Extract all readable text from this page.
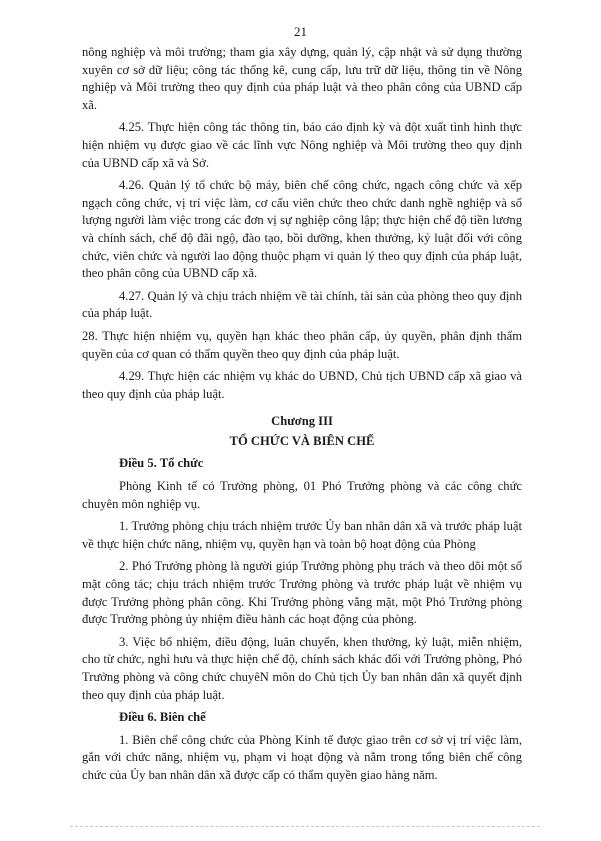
21

nông nghiệp và môi trường; tham gia xây dựng, quản lý, cập nhật và sử dụng thường xuyên cơ sở dữ liệu; công tác thống kê, cung cấp, lưu trữ dữ liệu, thông tin về Nông nghiệp và Môi trường theo quy định của pháp luật và theo phân công của UBND cấp xã.

4.25. Thực hiện công tác thông tin, báo cáo định kỳ và đột xuất tình hình thực hiện nhiệm vụ được giao về các lĩnh vực Nông nghiệp và Môi trường theo quy định của UBND cấp xã và Sở.

4.26. Quản lý tổ chức bộ máy, biên chế công chức, ngạch công chức và xếp ngạch công chức, vị trí việc làm, cơ cấu viên chức theo chức danh nghề nghiệp và số lượng người làm việc trong các đơn vị sự nghiệp công lập; thực hiện chế độ tiền lương và chính sách, chế độ đãi ngộ, đào tạo, bồi dưỡng, khen thưởng, kỷ luật đối với công chức, viên chức và người lao động thuộc phạm vi quản lý theo quy định của pháp luật, theo phân công của UBND cấp xã.

4.27. Quản lý và chịu trách nhiệm về tài chính, tài sản của phòng theo quy định của pháp luật.

28. Thực hiện nhiệm vụ, quyền hạn khác theo phân cấp, ủy quyền, phân định thẩm quyền của cơ quan có thẩm quyền theo quy định của pháp luật.

4.29. Thực hiện các nhiệm vụ khác do UBND, Chủ tịch UBND cấp xã giao và theo quy định của pháp luật.

Chương III

TỔ CHỨC VÀ BIÊN CHẾ

Điều 5. Tổ chức

Phòng Kinh tế có Trưởng phòng, 01 Phó Trưởng phòng và các công chức chuyên môn nghiệp vụ.

1. Trưởng phòng chịu trách nhiệm trước Ủy ban nhân dân xã và trước pháp luật về thực hiện chức năng, nhiệm vụ, quyền hạn và toàn bộ hoạt động của Phòng

2. Phó Trưởng phòng là người giúp Trưởng phòng phụ trách và theo dõi một số mặt công tác; chịu trách nhiệm trước Trưởng phòng và trước pháp luật về nhiệm vụ được Trưởng phòng phân công. Khi Trưởng phòng vắng mặt, một Phó Trưởng phòng được Trưởng phòng ủy nhiệm điều hành các hoạt động của phòng.

3. Việc bổ nhiệm, điều động, luân chuyển, khen thưởng, kỷ luật, miễn nhiệm, cho từ chức, nghỉ hưu và thực hiện chế độ, chính sách khác đối với Trưởng phòng, Phó Trưởng phòng và công chức chuyêN môn do Chủ tịch Ủy ban nhân dân xã quyết định theo quy định của pháp luật.

Điều 6. Biên chế

1. Biên chế công chức của Phòng Kinh tế được giao trên cơ sở vị trí việc làm, gắn với chức năng, nhiệm vụ, phạm vi hoạt động và nằm trong tổng biên chế công chức của Ủy ban nhân dân xã được cấp có thẩm quyền giao hàng năm.
